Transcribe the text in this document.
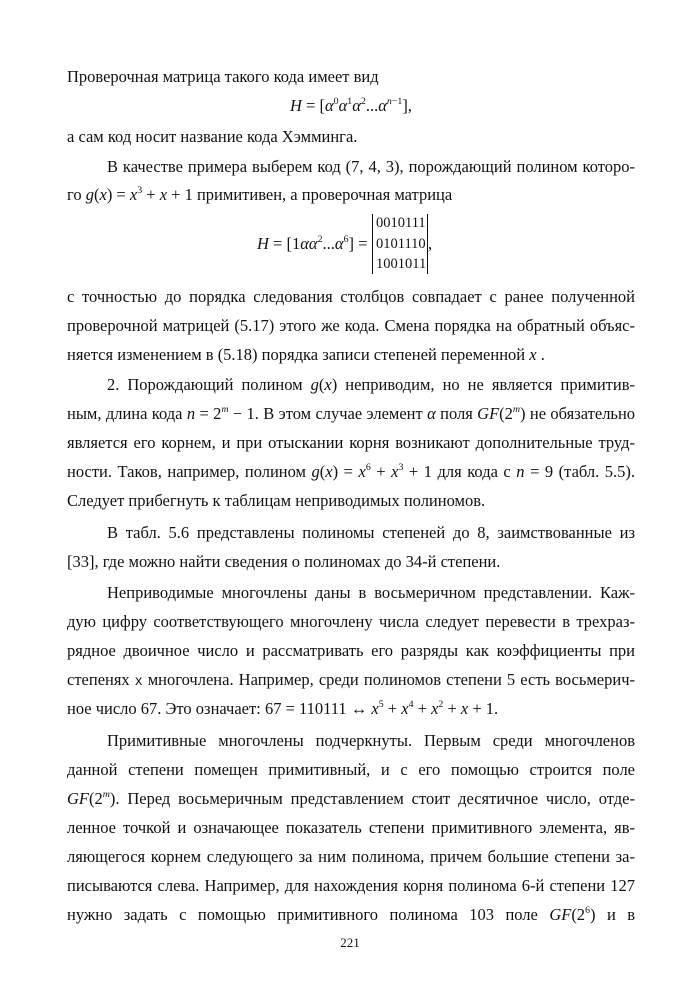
Проверочная матрица такого кода имеет вид
$H = [\alpha^0\alpha^1\alpha^2...\alpha^{n-1}]$,
а сам код носит название кода Хэмминга.
В качестве примера выберем код (7, 4, 3), порождающий полином которо-
го $g(x) = x^3 + x + 1$ примитивен, а проверочная матрица
$H = [1\alpha\alpha^2...\alpha^6]$ =
0010111
0101110
1001011
,
с точностью до порядка следования столбцов совпадает с ранее полученной
проверочной матрицей (5.17) этого же кода. Смена порядка на обратный объяс-
няется изменением в (5.18) порядка записи степеней переменной x .
2. Порождающий полином g(x) неприводим, но не является примитив-
ным, длина кода $n = 2^m - 1$. В этом случае элемент α поля GF(2$^m$) не обязательно
является его корнем, и при отыскании корня возникают дополнительные труд-
ности. Таков, например, полином $g(x) = x^6 + x^3 + 1$ для кода с n = 9 (табл. 5.5).
Следует прибегнуть к таблицам неприводимых полиномов.
В табл. 5.6 представлены полиномы степеней до 8, заимствованные из
[33], где можно найти сведения о полиномах до 34-й степени.
Неприводимые многочлены даны в восьмеричном представлении. Каж-
дую цифру соответствующего многочлену числа следует перевести в трехраз-
рядное двоичное число и рассматривать его разряды как коэффициенты при
степенях x многочлена. Например, среди полиномов степени 5 есть восьмерич-
ное число 67. Это означает: 67 = 110111 ↔ $x^5 + x^4 + x^2 + x + 1$.
Примитивные многочлены подчеркнуты. Первым среди многочленов
данной степени помещен примитивный, и с его помощью строится поле
GF(2$^m$). Перед восьмеричным представлением стоит десятичное число, отде-
ленное точкой и означающее показатель степени примитивного элемента, яв-
ляющегося корнем следующего за ним полинома, причем большие степени за-
писываются слева. Например, для нахождения корня полинома 6-й степени 127
нужно задать с помощью примитивного полинома 103 поле $GF(2^6)$ и в
221
